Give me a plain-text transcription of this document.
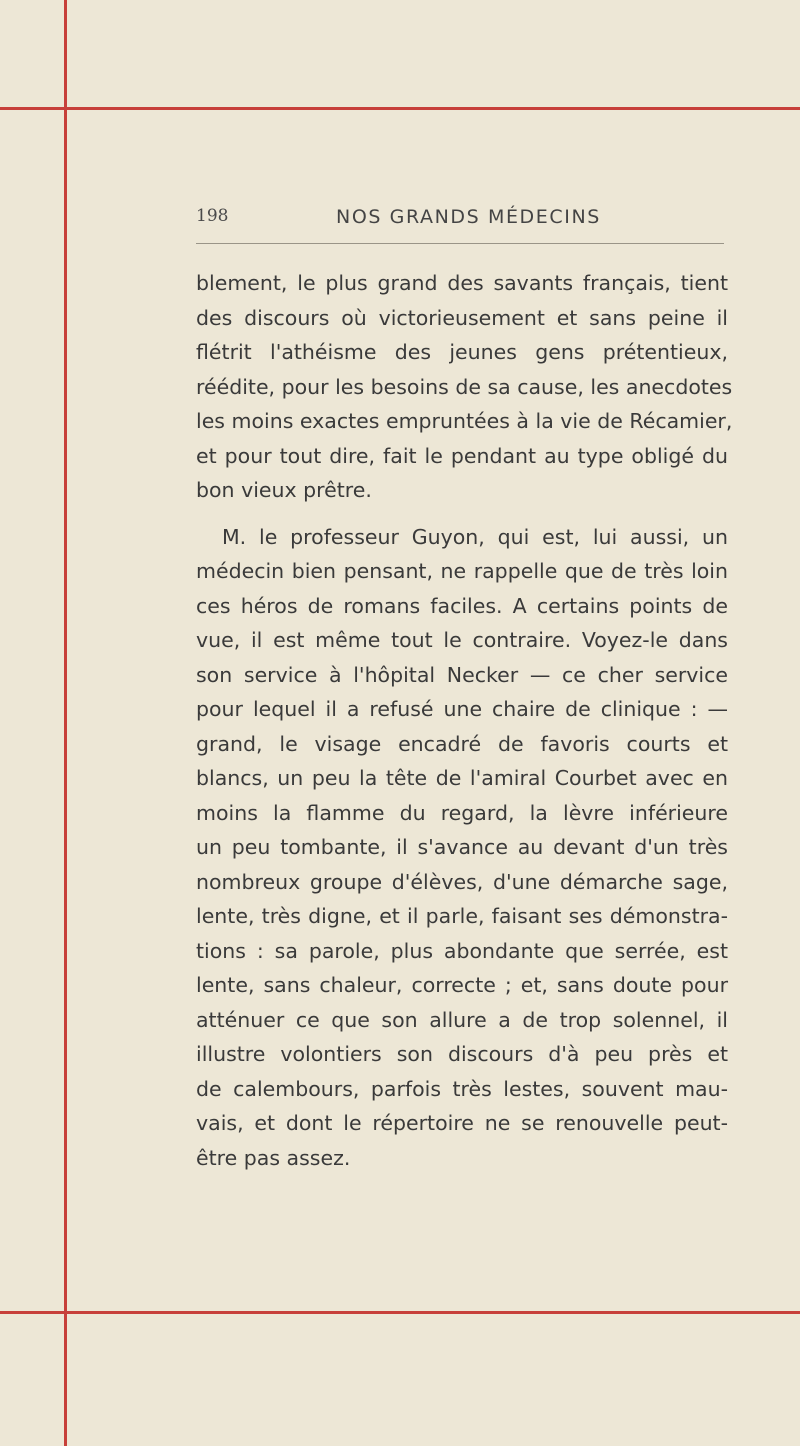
198	NOS GRANDS MÉDECINS
blement, le plus grand des savants français, tient
des discours où victorieusement et sans peine il
flétrit l'athéisme des jeunes gens prétentieux,
réédite, pour les besoins de sa cause, les anecdotes
les moins exactes empruntées à la vie de Récamier,
et pour tout dire, fait le pendant au type obligé du
bon vieux prêtre.
M. le professeur Guyon, qui est, lui aussi, un
médecin bien pensant, ne rappelle que de très loin
ces héros de romans faciles. A certains points de
vue, il est même tout le contraire. Voyez-le dans
son service à l'hôpital Necker — ce cher service
pour lequel il a refusé une chaire de clinique : —
grand, le visage encadré de favoris courts et
blancs, un peu la tête de l'amiral Courbet avec en
moins la flamme du regard, la lèvre inférieure
un peu tombante, il s'avance au devant d'un très
nombreux groupe d'élèves, d'une démarche sage,
lente, très digne, et il parle, faisant ses démonstra-
tions : sa parole, plus abondante que serrée, est
lente, sans chaleur, correcte ; et, sans doute pour
atténuer ce que son allure a de trop solennel, il
illustre volontiers son discours d'à peu près et
de calembours, parfois très lestes, souvent mau-
vais, et dont le répertoire ne se renouvelle peut-
être pas assez.
